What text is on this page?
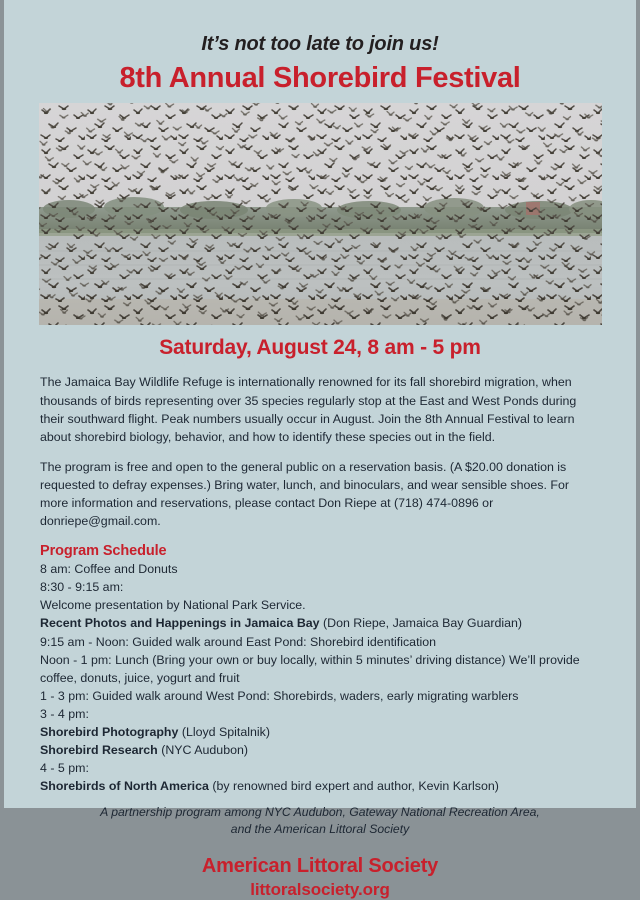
It’s not too late to join us!
8th Annual Shorebird Festival
Saturday, August 24, 8 am - 5 pm

The Jamaica Bay Wildlife Refuge is internationally renowned for its fall shorebird migration, when thousands of birds representing over 35 species regularly stop at the East and West Ponds during their southward flight. Peak numbers usually occur in August. Join the 8th Annual Festival to learn about shorebird biology, behavior, and how to identify these species out in the field.

The program is free and open to the general public on a reservation basis. (A $20.00 donation is requested to defray expenses.) Bring water, lunch, and binoculars, and wear sensible shoes. For more information and reservations, please contact Don Riepe at (718) 474-0896 or donriepe@gmail.com.

Program Schedule
8 am: Coffee and Donuts
8:30 - 9:15 am:
Welcome presentation by National Park Service.
Recent Photos and Happenings in Jamaica Bay (Don Riepe, Jamaica Bay Guardian)
9:15 am - Noon: Guided walk around East Pond: Shorebird identification
Noon - 1 pm: Lunch (Bring your own or buy locally, within 5 minutes’ driving distance) We’ll provide coffee, donuts, juice, yogurt and fruit
1 - 3 pm: Guided walk around West Pond: Shorebirds, waders, early migrating warblers
3 - 4 pm:
Shorebird Photography (Lloyd Spitalnik)
Shorebird Research (NYC Audubon)
4 - 5 pm:
Shorebirds of North America (by renowned bird expert and author, Kevin Karlson)
A partnership program among NYC Audubon, Gateway National Recreation Area,
and the American Littoral Society
American Littoral Society
littoralsociety.org
